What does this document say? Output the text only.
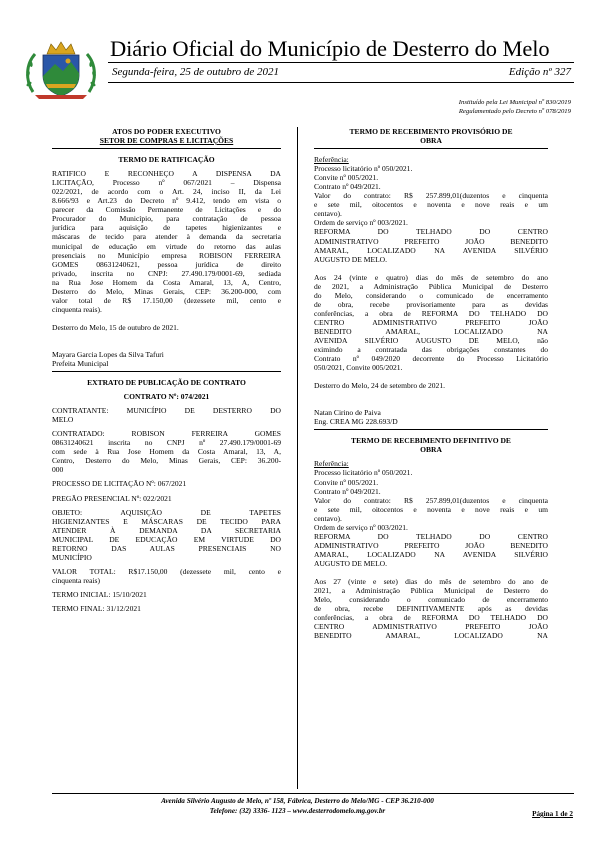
Diário Oficial do Município de Desterro do Melo
Segunda-feira, 25 de outubro de 2021	Edição nº 327
Instituído pela Lei Municipal nº 830/2019
Regulamentado pelo Decreto nº 078/2019
ATOS DO PODER EXECUTIVO
SETOR DE COMPRAS E LICITAÇÕES
TERMO DE RATIFICAÇÃO
RATIFICO E RECONHEÇO A DISPENSA DA
LICITAÇÃO, Processo nº 067/2021 – Dispensa
022/2021, de acordo com o Art. 24, inciso II, da Lei
8.666/93 e Art.23 do Decreto nº 9.412, tendo em vista o
parecer da Comissão Permanente de Licitações e do
Procurador do Município, para contratação de pessoa
jurídica para aquisição de tapetes higienizantes e
máscaras de tecido para atender à demanda da secretaria
municipal de educação em virtude do retorno das aulas
presenciais no Município empresa ROBISON FERREIRA
GOMES 08631240621, pessoa jurídica de direito
privado, inscrita no CNPJ: 27.490.179/0001-69, sediada
na Rua Jose Homem da Costa Amaral, 13, A, Centro,
Desterro do Melo, Minas Gerais, CEP: 36.200-000, com
valor total de R$ 17.150,00 (dezessete mil, cento e
cinquenta reais).
Desterro do Melo, 15 de outubro de 2021.
Mayara Garcia Lopes da Silva Tafuri
Prefeita Municipal
EXTRATO DE PUBLICAÇÃO DE CONTRATO
CONTRATO Nº: 074/2021
CONTRATANTE: MUNICÍPIO DE DESTERRO DO
MELO
CONTRATADO: ROBISON FERREIRA GOMES
08631240621 inscrita no CNPJ nº 27.490.179/0001-69
com sede à Rua Jose Homem da Costa Amaral, 13, A,
Centro, Desterro do Melo, Minas Gerais, CEP: 36.200-
000
PROCESSO DE LICITAÇÃO Nº: 067/2021
PREGÃO PRESENCIAL Nº: 022/2021
OBJETO: AQUISIÇÃO DE TAPETES
HIGIENIZANTES E MÁSCARAS DE TECIDO PARA
ATENDER À DEMANDA DA SECRETARIA
MUNICIPAL DE EDUCAÇÃO EM VIRTUDE DO
RETORNO DAS AULAS PRESENCIAIS NO
MUNICÍPIO
VALOR TOTAL: R$17.150,00 (dezessete mil, cento e
cinquenta reais)
TERMO INICIAL: 15/10/2021
TERMO FINAL: 31/12/2021
TERMO DE RECEBIMENTO PROVISÓRIO DE
OBRA
Referência:
Processo licitatório nº 050/2021.
Convite nº 005/2021.
Contrato nº 049/2021.
Valor do contrato: R$ 257.899,01(duzentos e cinquenta
e sete mil, oitocentos e noventa e nove reais e um
centavo).
Ordem de serviço nº 003/2021.
REFORMA DO TELHADO DO CENTRO
ADMINISTRATIVO PREFEITO JOÃO BENEDITO
AMARAL, LOCALIZADO NA AVENIDA SILVÉRIO
AUGUSTO DE MELO.
Aos 24 (vinte e quatro) dias do mês de setembro do ano
de 2021, a Administração Pública Municipal de Desterro
do Melo, considerando o comunicado de encerramento
de obra, recebe provisoriamente para as devidas
conferências, a obra de REFORMA DO TELHADO DO
CENTRO ADMINISTRATIVO PREFEITO JOÃO
BENEDITO AMARAL, LOCALIZADO NA
AVENIDA SILVÉRIO AUGUSTO DE MELO, não
eximindo a contratada das obrigações constantes do
Contrato nº 049/2020 decorrente do Processo Licitatório
050/2021, Convite 005/2021.
Desterro do Melo, 24 de setembro de 2021.
Natan Cirino de Paiva
Eng. CREA MG 228.693/D
TERMO DE RECEBIMENTO DEFINITIVO DE
OBRA
Referência:
Processo licitatório nº 050/2021.
Convite nº 005/2021.
Contrato nº 049/2021.
Valor do contrato: R$ 257.899,01(duzentos e cinquenta
e sete mil, oitocentos e noventa e nove reais e um
centavo).
Ordem de serviço nº 003/2021.
REFORMA DO TELHADO DO CENTRO
ADMINISTRATIVO PREFEITO JOÃO BENEDITO
AMARAL, LOCALIZADO NA AVENIDA SILVÉRIO
AUGUSTO DE MELO.
Aos 27 (vinte e sete) dias do mês de setembro do ano de
2021, a Administração Pública Municipal de Desterro do
Melo, considerando o comunicado de encerramento
de obra, recebe DEFINITIVAMENTE após as devidas
conferências, a obra de REFORMA DO TELHADO DO
CENTRO ADMINISTRATIVO PREFEITO JOÃO
BENEDITO AMARAL, LOCALIZADO NA
Avenida Silvério Augusto de Melo, nº 158, Fábrica, Desterro do Melo/MG - CEP 36.210-000
Telefone: (32) 3336- 1123 – www.desterrodomelo.mg.gov.br	Página 1 de 2
